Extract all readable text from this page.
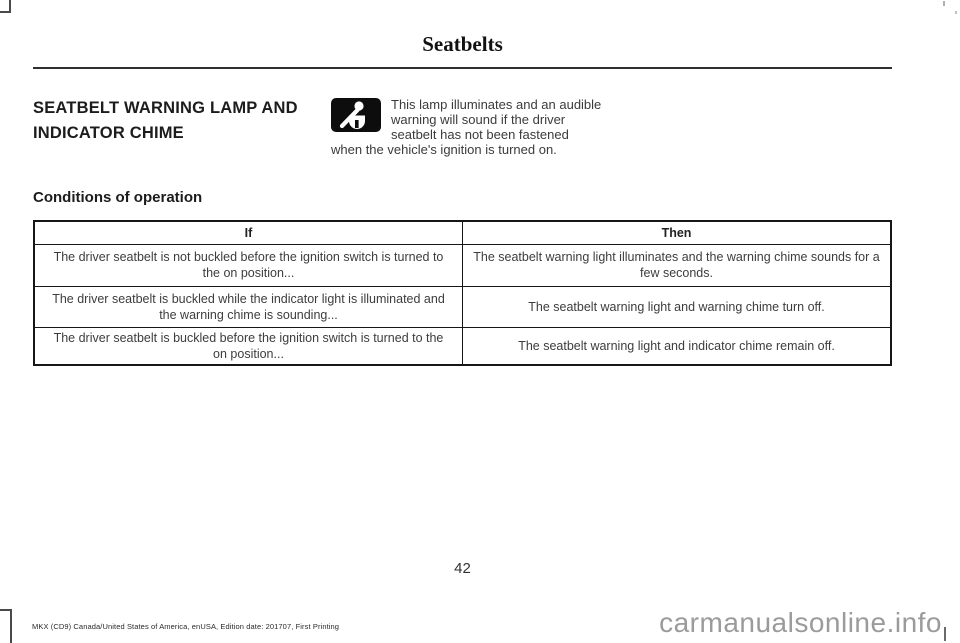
Seatbelts
SEATBELT WARNING LAMP AND INDICATOR CHIME

This lamp illuminates and an audible warning will sound if the driver seatbelt has not been fastened when the vehicle's ignition is turned on.

Conditions of operation
If	Then
The driver seatbelt is not buckled before the ignition switch is turned to the on position...	The seatbelt warning light illuminates and the warning chime sounds for a few seconds.
The driver seatbelt is buckled while the indicator light is illuminated and the warning chime is sounding...	The seatbelt warning light and warning chime turn off.
The driver seatbelt is buckled before the ignition switch is turned to the on position...	The seatbelt warning light and indicator chime remain off.
42
MKX (CD9) Canada/United States of America, enUSA, Edition date: 201707, First Printing	carmanualsonline.info
